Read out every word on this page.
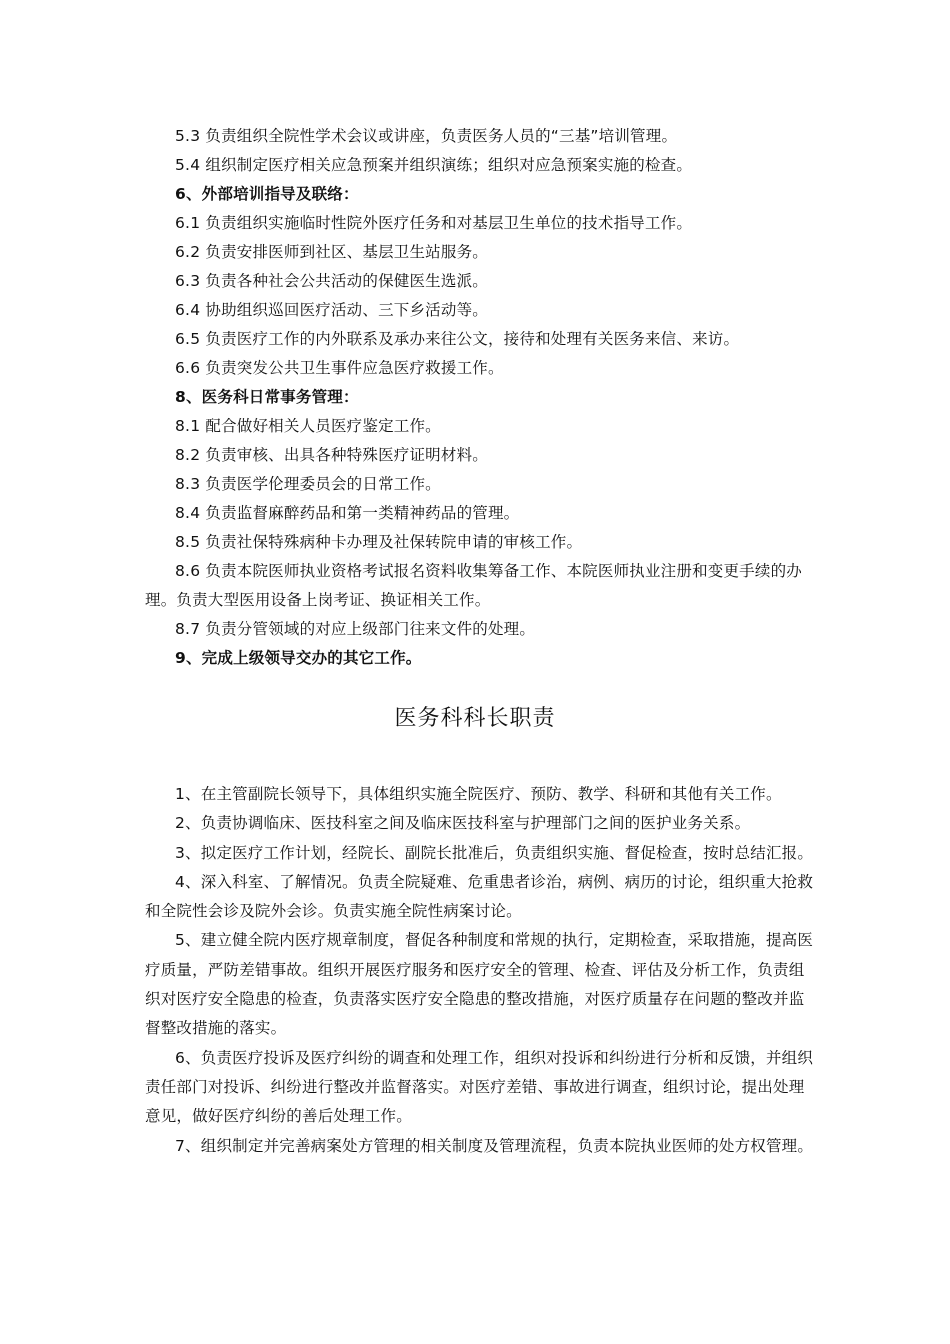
5.3 负责组织全院性学术会议或讲座，负责医务人员的“三基”培训管理。
5.4 组织制定医疗相关应急预案并组织演练；组织对应急预案实施的检查。
6、外部培训指导及联络：
6.1 负责组织实施临时性院外医疗任务和对基层卫生单位的技术指导工作。
6.2 负责安排医师到社区、基层卫生站服务。
6.3 负责各种社会公共活动的保健医生选派。
6.4 协助组织巡回医疗活动、三下乡活动等。
6.5 负责医疗工作的内外联系及承办来往公文，接待和处理有关医务来信、来访。
6.6 负责突发公共卫生事件应急医疗救援工作。
8、医务科日常事务管理：
8.1 配合做好相关人员医疗鉴定工作。
8.2 负责审核、出具各种特殊医疗证明材料。
8.3 负责医学伦理委员会的日常工作。
8.4 负责监督麻醉药品和第一类精神药品的管理。
8.5 负责社保特殊病种卡办理及社保转院申请的审核工作。
8.6 负责本院医师执业资格考试报名资料收集筹备工作、本院医师执业注册和变更手续的办理。负责大型医用设备上岗考证、换证相关工作。
8.7 负责分管领域的对应上级部门往来文件的处理。
9、完成上级领导交办的其它工作。
医务科科长职责
1、在主管副院长领导下，具体组织实施全院医疗、预防、教学、科研和其他有关工作。
2、负责协调临床、医技科室之间及临床医技科室与护理部门之间的医护业务关系。
3、拟定医疗工作计划，经院长、副院长批准后，负责组织实施、督促检查，按时总结汇报。
4、深入科室、了解情况。负责全院疑难、危重患者诊治，病例、病历的讨论，组织重大抢救和全院性会诊及院外会诊。负责实施全院性病案讨论。
5、建立健全院内医疗规章制度，督促各种制度和常规的执行，定期检查，采取措施，提高医疗质量，严防差错事故。组织开展医疗服务和医疗安全的管理、检查、评估及分析工作，负责组织对医疗安全隐患的检查，负责落实医疗安全隐患的整改措施，对医疗质量存在问题的整改并监督整改措施的落实。
6、负责医疗投诉及医疗纠纷的调查和处理工作，组织对投诉和纠纷进行分析和反馈，并组织责任部门对投诉、纠纷进行整改并监督落实。对医疗差错、事故进行调查，组织讨论，提出处理意见，做好医疗纠纷的善后处理工作。
7、组织制定并完善病案处方管理的相关制度及管理流程，负责本院执业医师的处方权管理。
